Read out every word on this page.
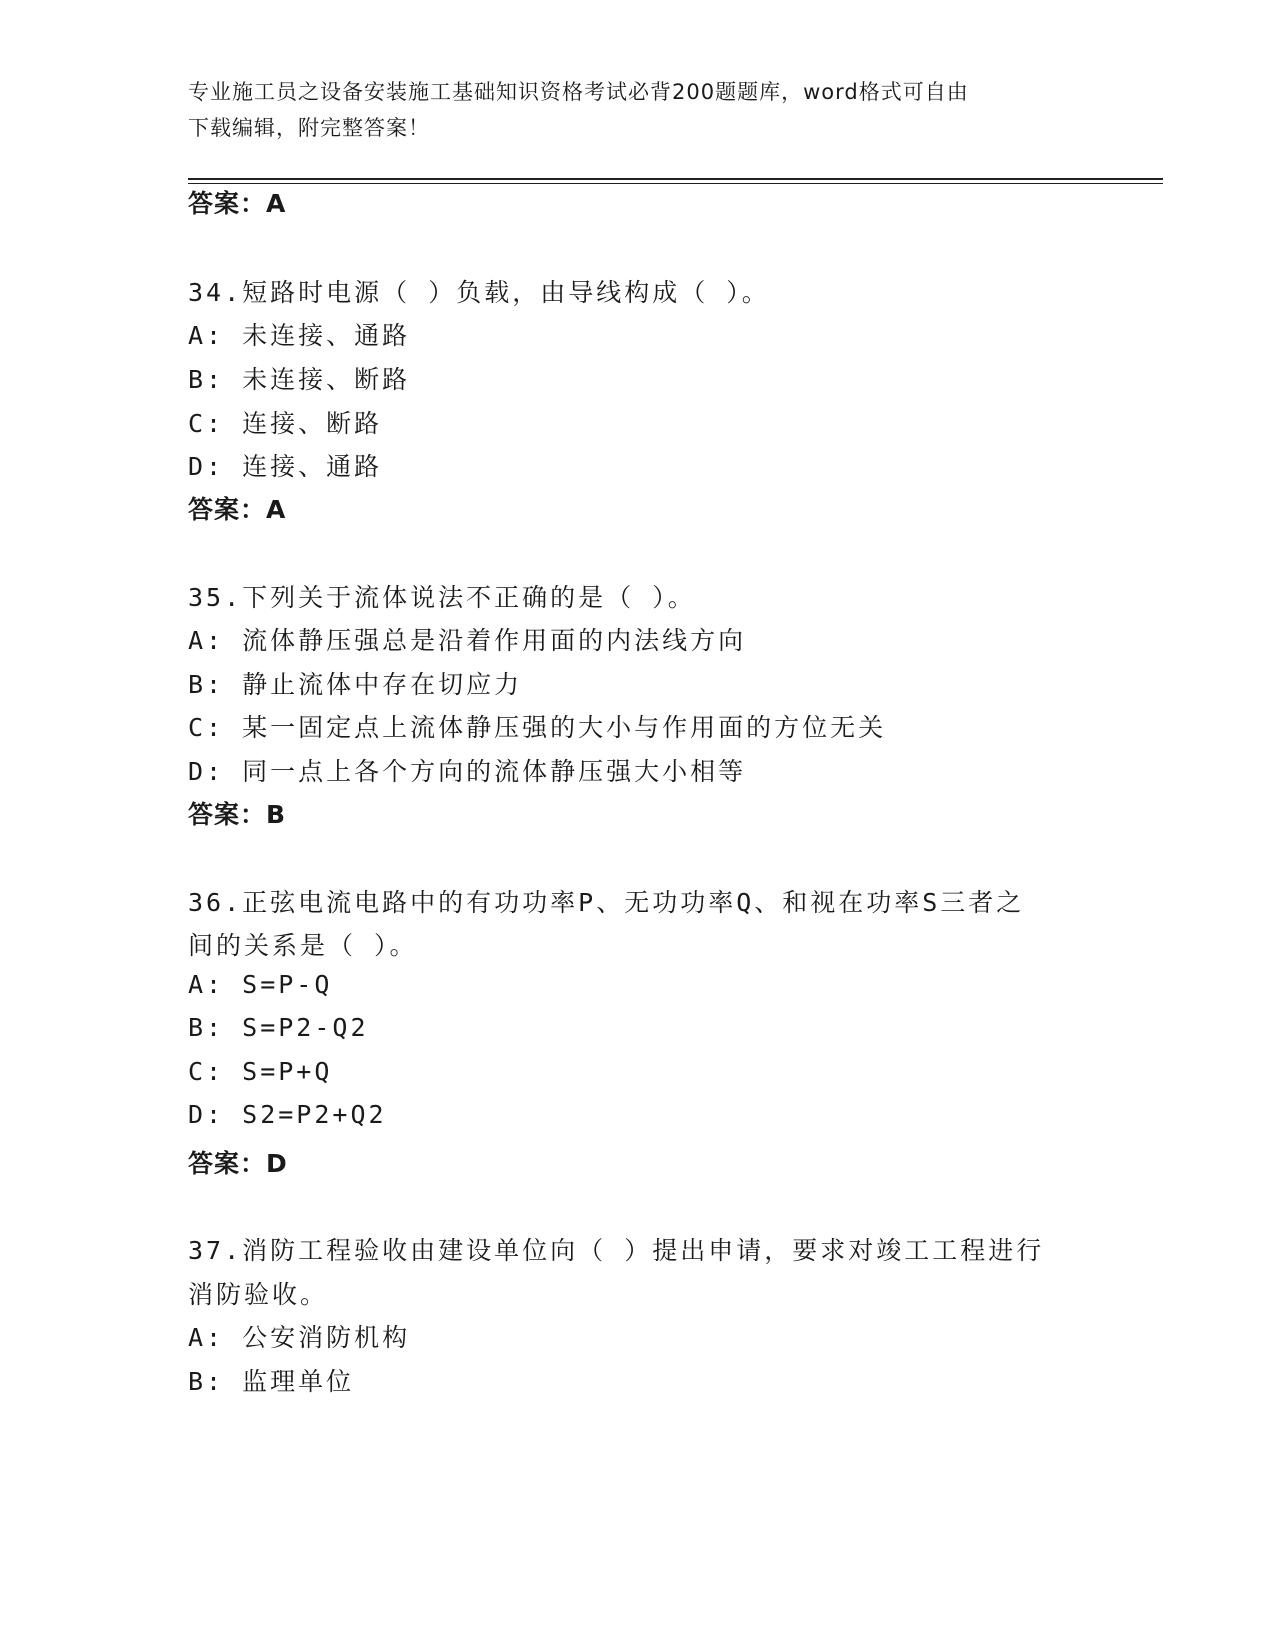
专业施工员之设备安装施工基础知识资格考试必背200题题库，word格式可自由
下载编辑，附完整答案！
答案：A
34.短路时电源（ ）负载，由导线构成（ ）。
A: 未连接、通路
B: 未连接、断路
C: 连接、断路
D: 连接、通路
答案：A
35.下列关于流体说法不正确的是（ ）。
A: 流体静压强总是沿着作用面的内法线方向
B: 静止流体中存在切应力
C: 某一固定点上流体静压强的大小与作用面的方位无关
D: 同一点上各个方向的流体静压强大小相等
答案：B
36.正弦电流电路中的有功功率P、无功功率Q、和视在功率S三者之
间的关系是（ ）。
A: S=P-Q
B: S=P2-Q2
C: S=P+Q
D: S2=P2+Q2
答案：D
37.消防工程验收由建设单位向（ ）提出申请，要求对竣工工程进行
消防验收。
A: 公安消防机构
B: 监理单位
